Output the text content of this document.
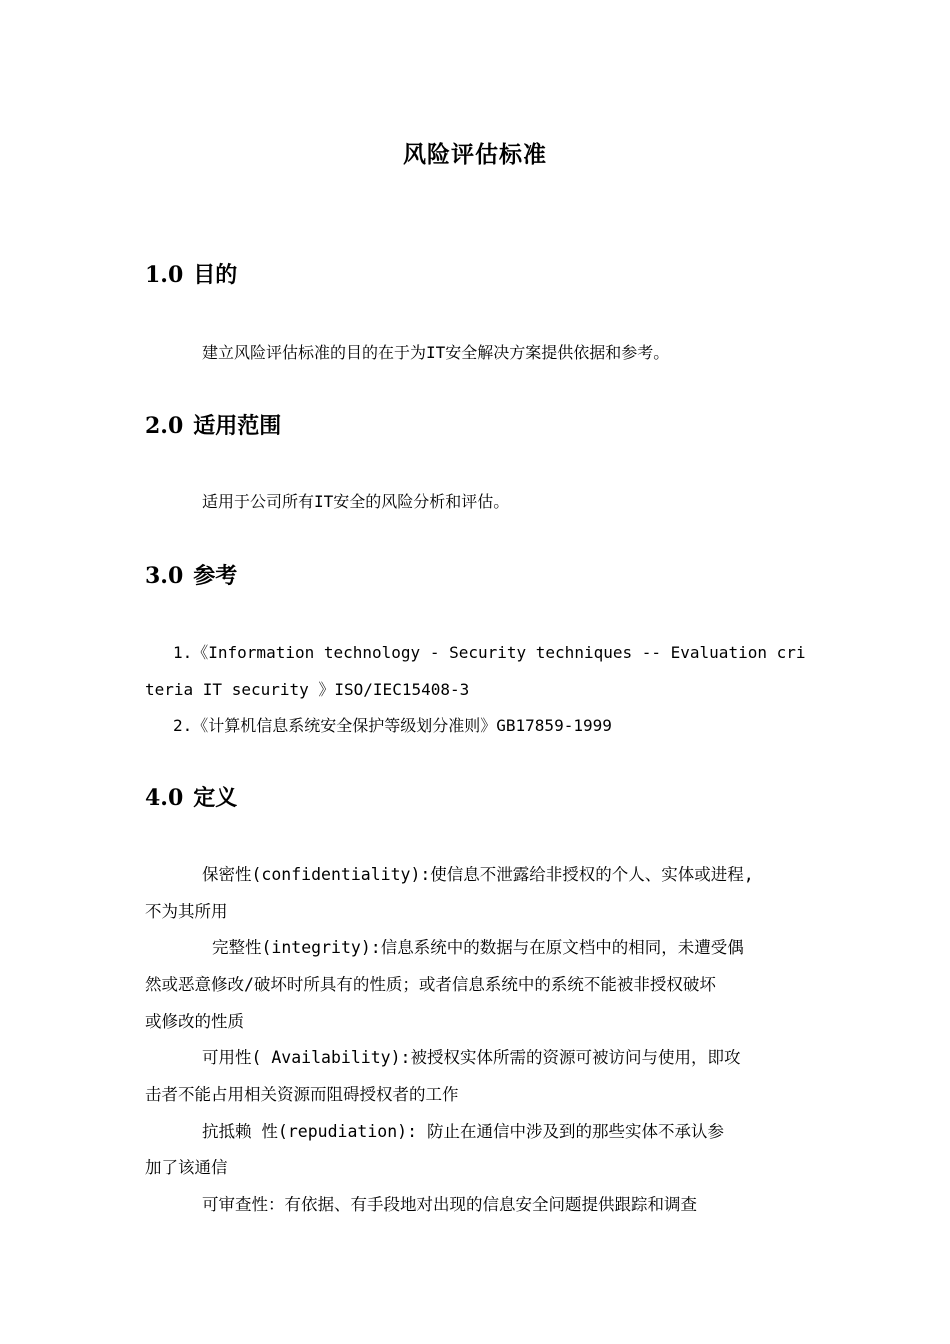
风险评估标准
1.0 目的
建立风险评估标准的目的在于为IT安全解决方案提供依据和参考。
2.0 适用范围
适用于公司所有IT安全的风险分析和评估。
3.0 参考
1.《Information technology - Security techniques -- Evaluation cri
teria IT security 》ISO/IEC15408-3
2.《计算机信息系统安全保护等级划分准则》GB17859-1999
4.0 定义
保密性(confidentiality):使信息不泄露给非授权的个人、实体或进程,
不为其所用
完整性(integrity):信息系统中的数据与在原文档中的相同，未遭受偶
然或恶意修改/破坏时所具有的性质；或者信息系统中的系统不能被非授权破坏
或修改的性质
可用性( Availability):被授权实体所需的资源可被访问与使用，即攻
击者不能占用相关资源而阻碍授权者的工作
抗抵赖 性(repudiation): 防止在通信中涉及到的那些实体不承认参
加了该通信
可审查性：有依据、有手段地对出现的信息安全问题提供跟踪和调查
